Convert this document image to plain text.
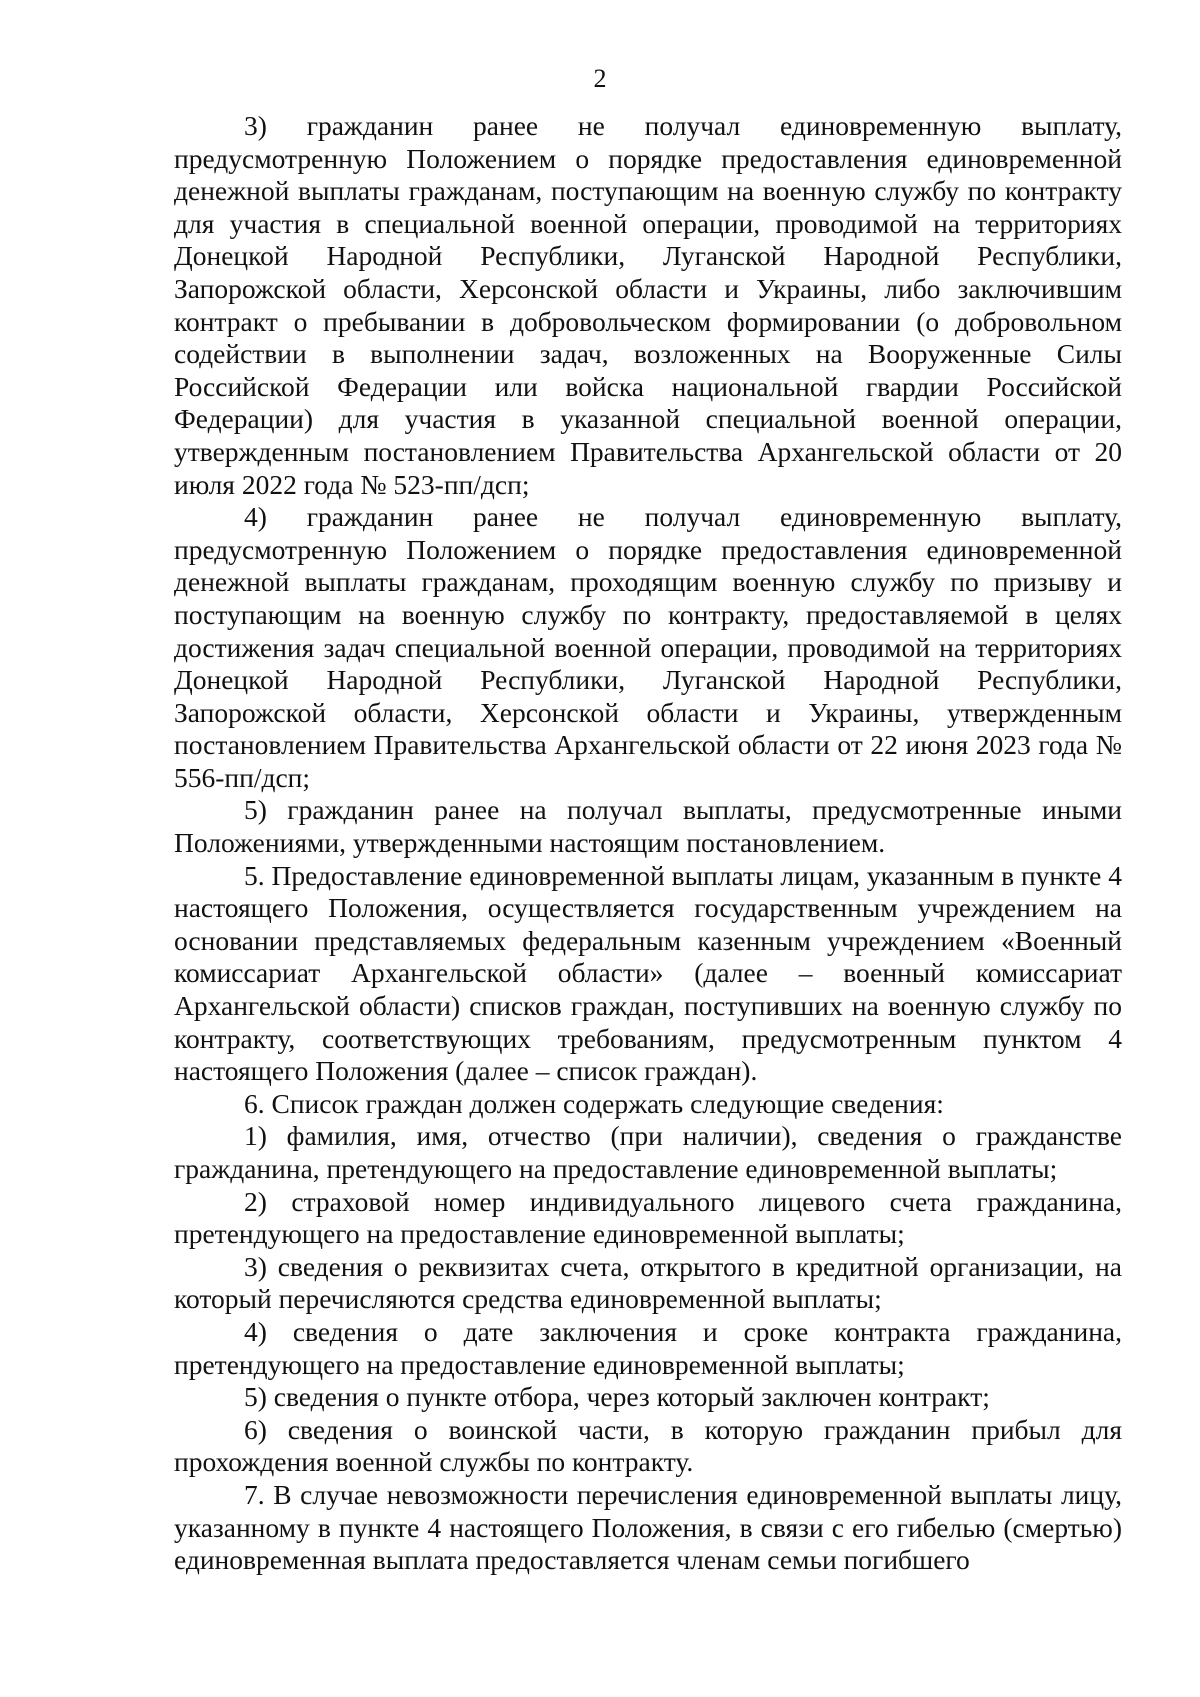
2

3) гражданин ранее не получал единовременную выплату, предусмотренную Положением о порядке предоставления единовременной денежной выплаты гражданам, поступающим на военную службу по контракту для участия в специальной военной операции, проводимой на территориях Донецкой Народной Республики, Луганской Народной Республики, Запорожской области, Херсонской области и Украины, либо заключившим контракт о пребывании в добровольческом формировании (о добровольном содействии в выполнении задач, возложенных на Вооруженные Силы Российской Федерации или войска национальной гвардии Российской Федерации) для участия в указанной специальной военной операции, утвержденным постановлением Правительства Архангельской области от 20 июля 2022 года № 523-пп/дсп;

4) гражданин ранее не получал единовременную выплату, предусмотренную Положением о порядке предоставления единовременной денежной выплаты гражданам, проходящим военную службу по призыву и поступающим на военную службу по контракту, предоставляемой в целях достижения задач специальной военной операции, проводимой на территориях Донецкой Народной Республики, Луганской Народной Республики, Запорожской области, Херсонской области и Украины, утвержденным постановлением Правительства Архангельской области от 22 июня 2023 года № 556-пп/дсп;

5) гражданин ранее на получал выплаты, предусмотренные иными Положениями, утвержденными настоящим постановлением.

5. Предоставление единовременной выплаты лицам, указанным в пункте 4 настоящего Положения, осуществляется государственным учреждением на основании представляемых федеральным казенным учреждением «Военный комиссариат Архангельской области» (далее – военный комиссариат Архангельской области) списков граждан, поступивших на военную службу по контракту, соответствующих требованиям, предусмотренным пунктом 4 настоящего Положения (далее – список граждан).

6. Список граждан должен содержать следующие сведения:

1) фамилия, имя, отчество (при наличии), сведения о гражданстве гражданина, претендующего на предоставление единовременной выплаты;

2) страховой номер индивидуального лицевого счета гражданина, претендующего на предоставление единовременной выплаты;

3) сведения о реквизитах счета, открытого в кредитной организации, на который перечисляются средства единовременной выплаты;

4) сведения о дате заключения и сроке контракта гражданина, претендующего на предоставление единовременной выплаты;

5) сведения о пункте отбора, через который заключен контракт;

6) сведения о воинской части, в которую гражданин прибыл для прохождения военной службы по контракту.

7. В случае невозможности перечисления единовременной выплаты лицу, указанному в пункте 4 настоящего Положения, в связи с его гибелью (смертью) единовременная выплата предоставляется членам семьи погибшего
